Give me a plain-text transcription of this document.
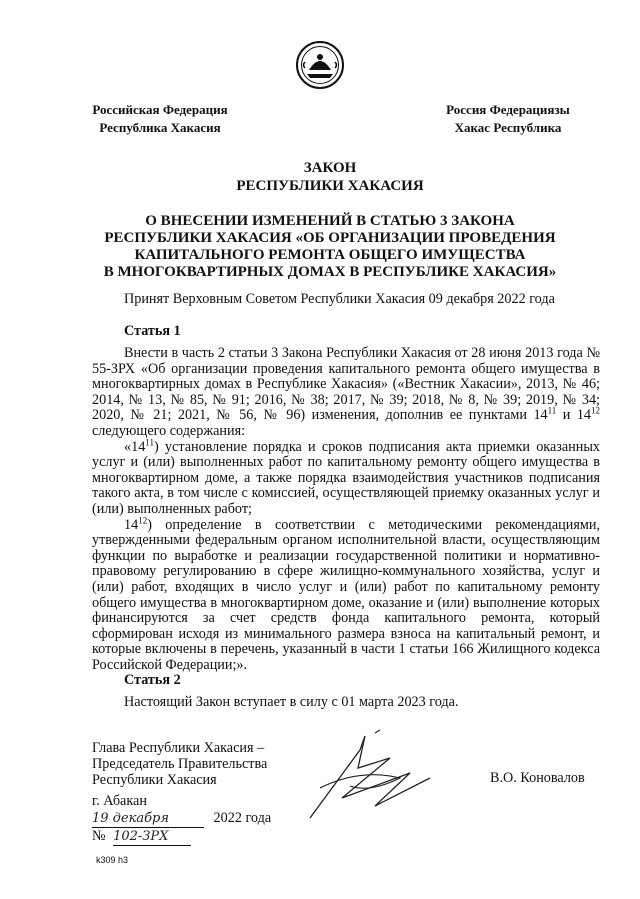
Российская Федерация
Республика Хакасия
Россия Федерациязы
Хакас Республика
ЗАКОН
РЕСПУБЛИКИ ХАКАСИЯ
О ВНЕСЕНИИ ИЗМЕНЕНИЙ В СТАТЬЮ 3 ЗАКОНА
РЕСПУБЛИКИ ХАКАСИЯ «ОБ ОРГАНИЗАЦИИ ПРОВЕДЕНИЯ
КАПИТАЛЬНОГО РЕМОНТА ОБЩЕГО ИМУЩЕСТВА
В МНОГОКВАРТИРНЫХ ДОМАХ В РЕСПУБЛИКЕ ХАКАСИЯ»
Принят Верховным Советом Республики Хакасия 09 декабря 2022 года
Статья 1

Внести в часть 2 статьи 3 Закона Республики Хакасия от 28 июня 2013 года № 55-ЗРХ «Об организации проведения капитального ремонта общего имущества в многоквартирных домах в Республике Хакасия» («Вестник Хакасии», 2013, № 46; 2014, № 13, № 85, № 91; 2016, № 38; 2017, № 39; 2018, № 8, № 39; 2019, № 34; 2020, № 21; 2021, № 56, № 96) изменения, дополнив ее пунктами $14^{11}$ и $14^{12}$ следующего содержания:

«$14^{11}$) установление порядка и сроков подписания акта приемки оказанных услуг и (или) выполненных работ по капитальному ремонту общего имущества в многоквартирном доме, а также порядка взаимодействия участников подписания такого акта, в том числе с комиссией, осуществляющей приемку оказанных услуг и (или) выполненных работ;

$14^{12}$) определение в соответствии с методическими рекомендациями, утвержденными федеральным органом исполнительной власти, осуществляющим функции по выработке и реализации государственной политики и нормативно-правовому регулированию в сфере жилищно-коммунального хозяйства, услуг и (или) работ, входящих в число услуг и (или) работ по капитальному ремонту общего имущества в многоквартирном доме, оказание и (или) выполнение которых финансируются за счет средств фонда капитального ремонта, который сформирован исходя из минимального размера взноса на капитальный ремонт, и которые включены в перечень, указанный в части 1 статьи 166 Жилищного кодекса Российской Федерации;».

Статья 2
Настоящий Закон вступает в силу с 01 марта 2023 года.
Глава Республики Хакасия –
Председатель Правительства
Республики Хакасия	В.О. Коновалов
г. Абакан
19 декабря	2022 года
№ 102-ЗРХ
k309 h3
